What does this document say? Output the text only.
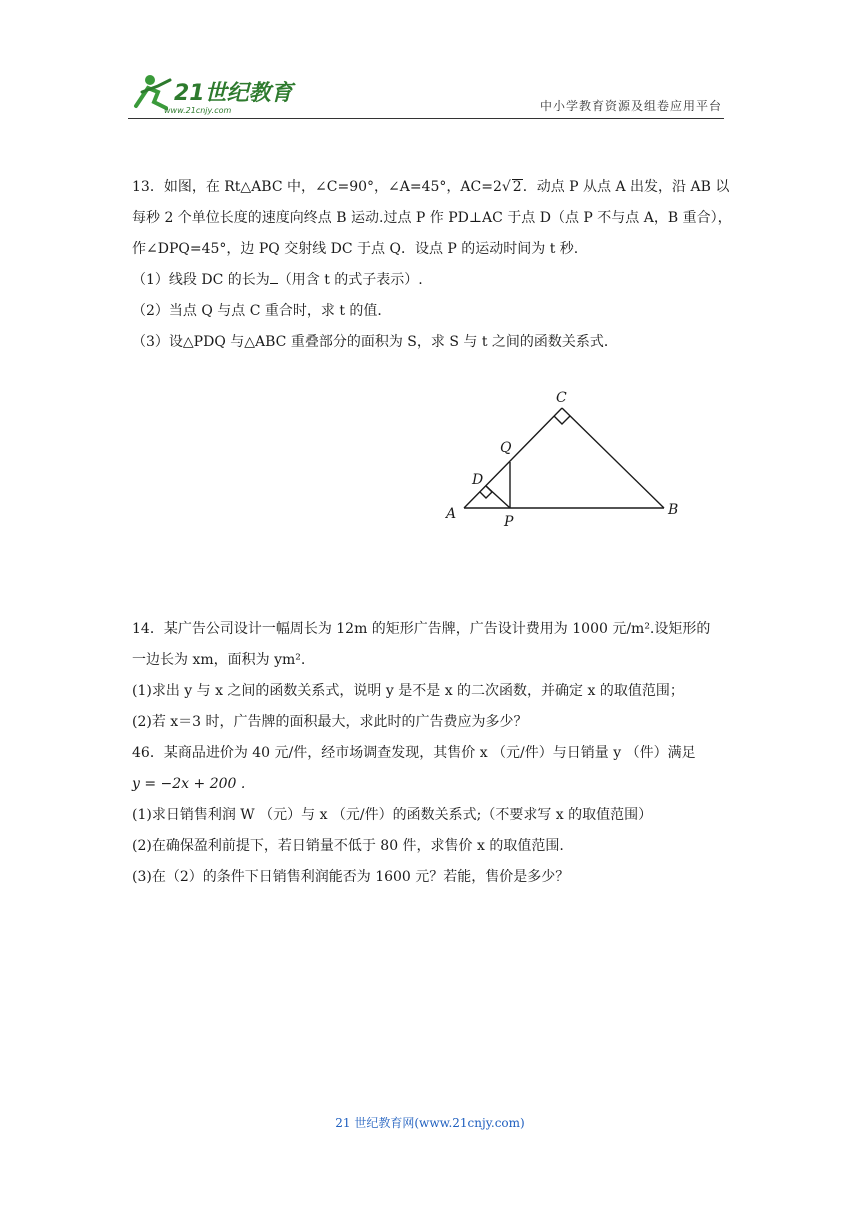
21世纪教育
www.21cnjy.com	中小学教育资源及组卷应用平台
13．如图，在 Rt△ABC 中，∠C=90°，∠A=45°，AC=2√ 2．动点 P 从点 A 出发，沿 AB 以
每秒 2 个单位长度的速度向终点 B 运动.过点 P 作 PD⊥AC 于点 D（点 P 不与点 A，B 重合），
作∠DPQ=45°，边 PQ 交射线 DC 于点 Q．设点 P 的运动时间为 t 秒.
（1）线段 DC 的长为 （用含 t 的式子表示）.
（2）当点 Q 与点 C 重合时，求 t 的值．
（3）设△PDQ 与△ABC 重叠部分的面积为 S，求 S 与 t 之间的函数关系式．
A	B
C
D
P
Q
14．某广告公司设计一幅周长为 12m 的矩形广告牌，广告设计费用为 1000 元/m².设矩形的
一边长为 xm，面积为 ym².
(1)求出 y 与 x 之间的函数关系式，说明 y 是不是 x 的二次函数，并确定 x 的取值范围；
(2)若 x＝3 时，广告牌的面积最大，求此时的广告费应为多少？
46．某商品进价为 40 元/件，经市场调查发现，其售价 x （元/件）与日销量 y （件）满足
y = −2x + 200 .
(1)求日销售利润 W （元）与 x （元/件）的函数关系式;（不要求写 x 的取值范围）
(2)在确保盈利前提下，若日销量不低于 80 件，求售价 x 的取值范围.
(3)在（2）的条件下日销售利润能否为 1600 元？若能，售价是多少？
21 世纪教育网(www.21cnjy.com)
